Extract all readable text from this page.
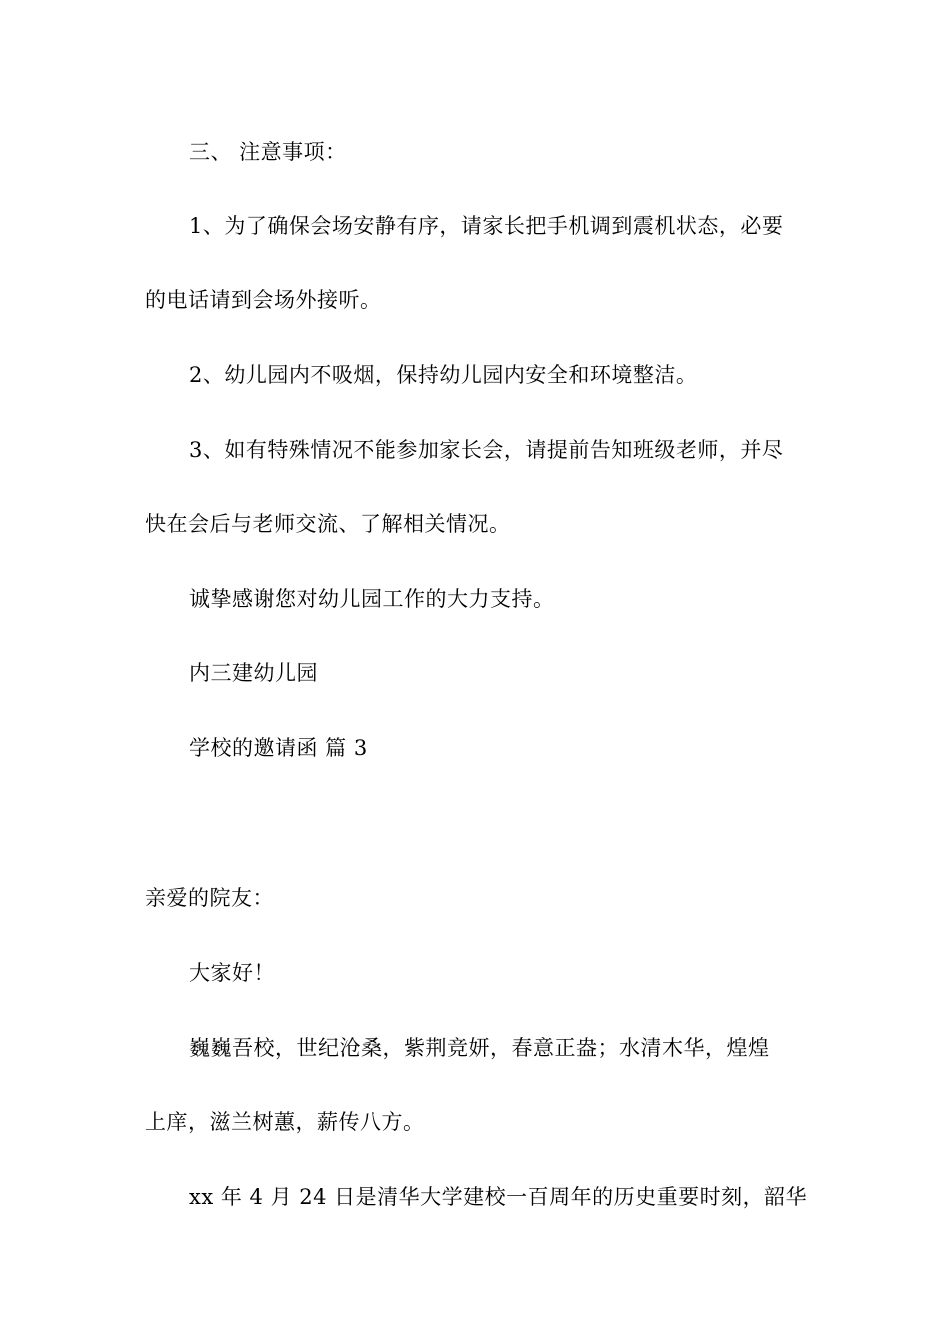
三、 注意事项：
1、为了确保会场安静有序，请家长把手机调到震机状态，必要
的电话请到会场外接听。
2、幼儿园内不吸烟，保持幼儿园内安全和环境整洁。
3、如有特殊情况不能参加家长会，请提前告知班级老师，并尽
快在会后与老师交流、了解相关情况。
诚挚感谢您对幼儿园工作的大力支持。
内三建幼儿园
学校的邀请函 篇 3
亲爱的院友：
大家好！
巍巍吾校，世纪沧桑，紫荆竞妍，春意正盎；水清木华，煌煌
上庠，滋兰树蕙，薪传八方。
xx 年 4 月 24 日是清华大学建校一百周年的历史重要时刻，韶华
